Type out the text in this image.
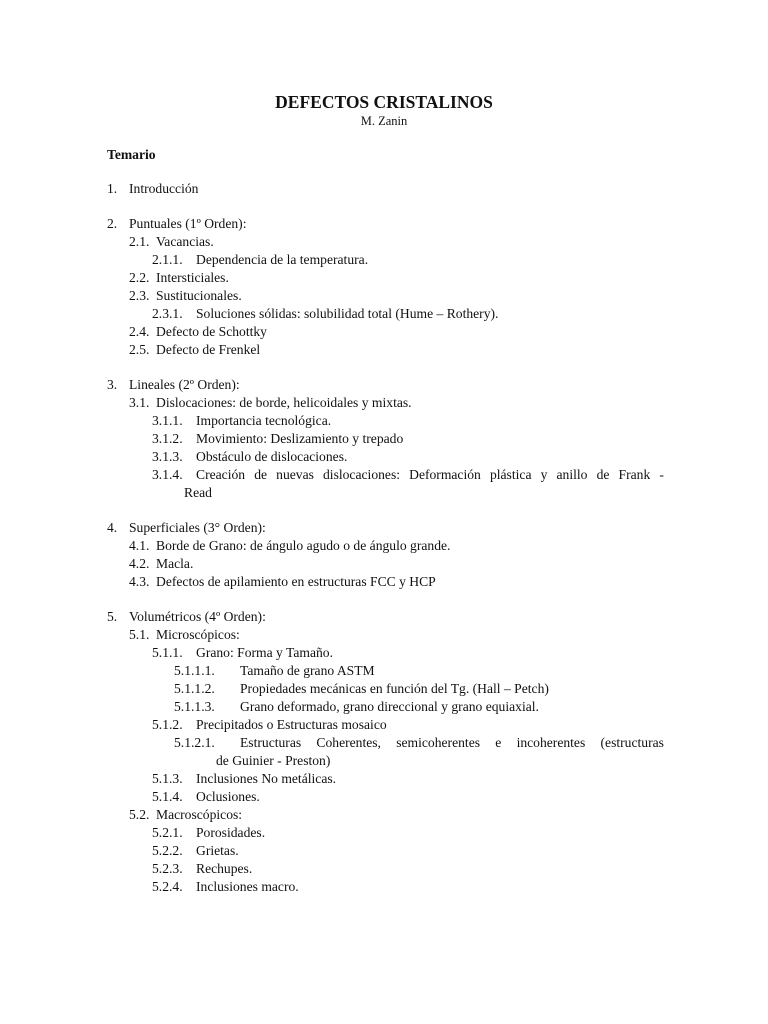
DEFECTOS CRISTALINOS
M. Zanin
Temario
1. Introducción
2. Puntuales (1º Orden):
2.1. Vacancias.
2.1.1. Dependencia de la temperatura.
2.2. Intersticiales.
2.3. Sustitucionales.
2.3.1. Soluciones sólidas: solubilidad total (Hume – Rothery).
2.4. Defecto de Schottky
2.5. Defecto de Frenkel
3. Lineales (2º Orden):
3.1. Dislocaciones: de borde, helicoidales y mixtas.
3.1.1. Importancia tecnológica.
3.1.2. Movimiento: Deslizamiento y trepado
3.1.3. Obstáculo de dislocaciones.
3.1.4. Creación de nuevas dislocaciones: Deformación plástica y anillo de Frank -
Read
4. Superficiales (3° Orden):
4.1. Borde de Grano: de ángulo agudo o de ángulo grande.
4.2. Macla.
4.3. Defectos de apilamiento en estructuras FCC y HCP
5. Volumétricos (4º Orden):
5.1. Microscópicos:
5.1.1. Grano: Forma y Tamaño.
5.1.1.1. Tamaño de grano ASTM
5.1.1.2. Propiedades mecánicas en función del Tg. (Hall – Petch)
5.1.1.3. Grano deformado, grano direccional y grano equiaxial.
5.1.2. Precipitados o Estructuras mosaico
5.1.2.1. Estructuras Coherentes, semicoherentes e incoherentes (estructuras
de Guinier - Preston)
5.1.3. Inclusiones No metálicas.
5.1.4. Oclusiones.
5.2. Macroscópicos:
5.2.1. Porosidades.
5.2.2. Grietas.
5.2.3. Rechupes.
5.2.4. Inclusiones macro.
